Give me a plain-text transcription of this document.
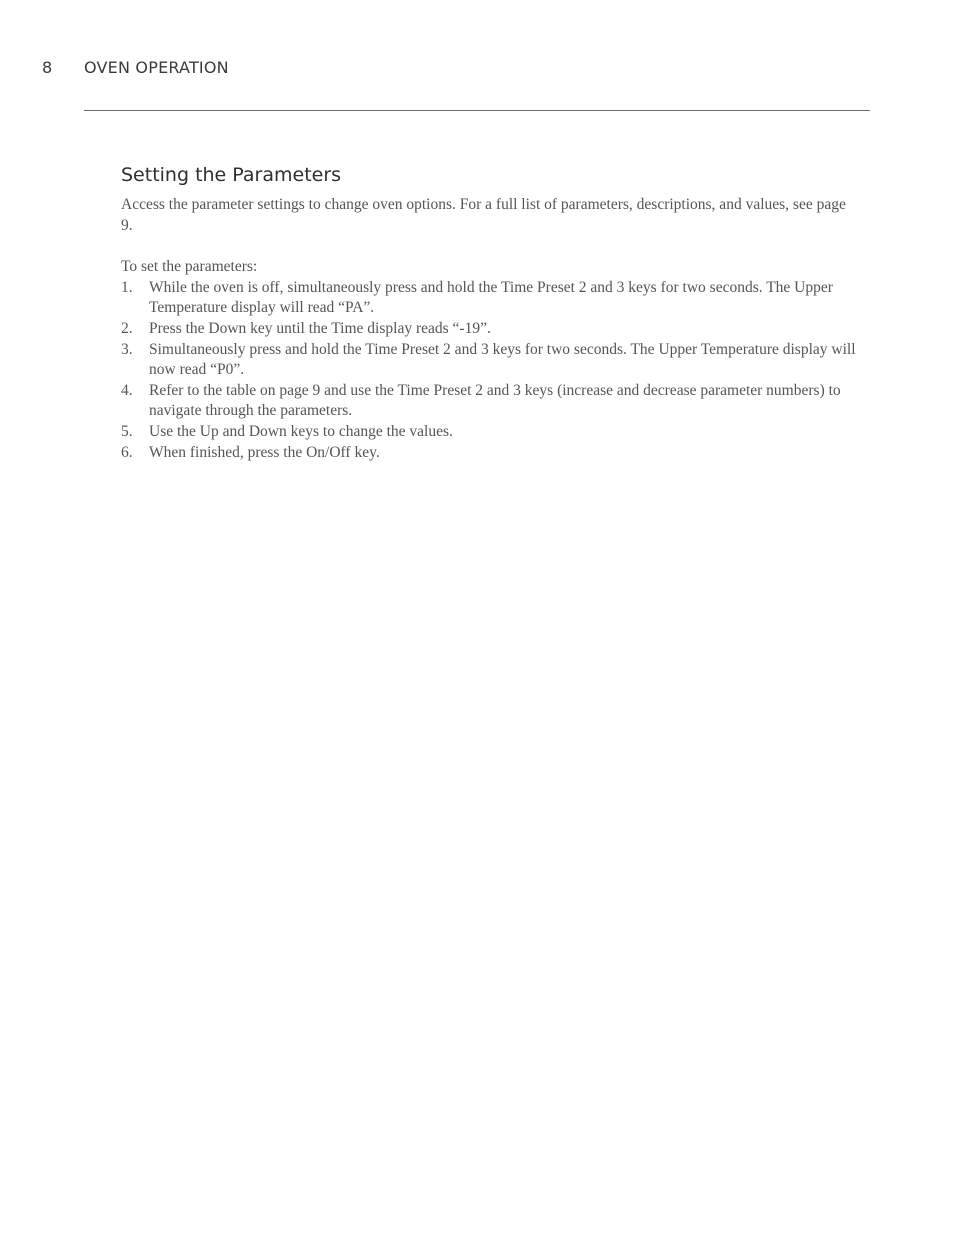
8	OVEN OPERATION
Setting the Parameters

Access the parameter settings to change oven options. For a full list of parameters, descriptions, and values, see page 9.

To set the parameters:

1.	While the oven is off, simultaneously press and hold the Time Preset 2 and 3 keys for two seconds. The Upper Temperature display will read “PA”.
2.	Press the Down key until the Time display reads “-19”.
3.	Simultaneously press and hold the Time Preset 2 and 3 keys for two seconds. The Upper Temperature display will now read “P0”.
4.	Refer to the table on page 9 and use the Time Preset 2 and 3 keys (increase and decrease parameter numbers) to navigate through the parameters.
5.	Use the Up and Down keys to change the values.
6.	When finished, press the On/Off key.
